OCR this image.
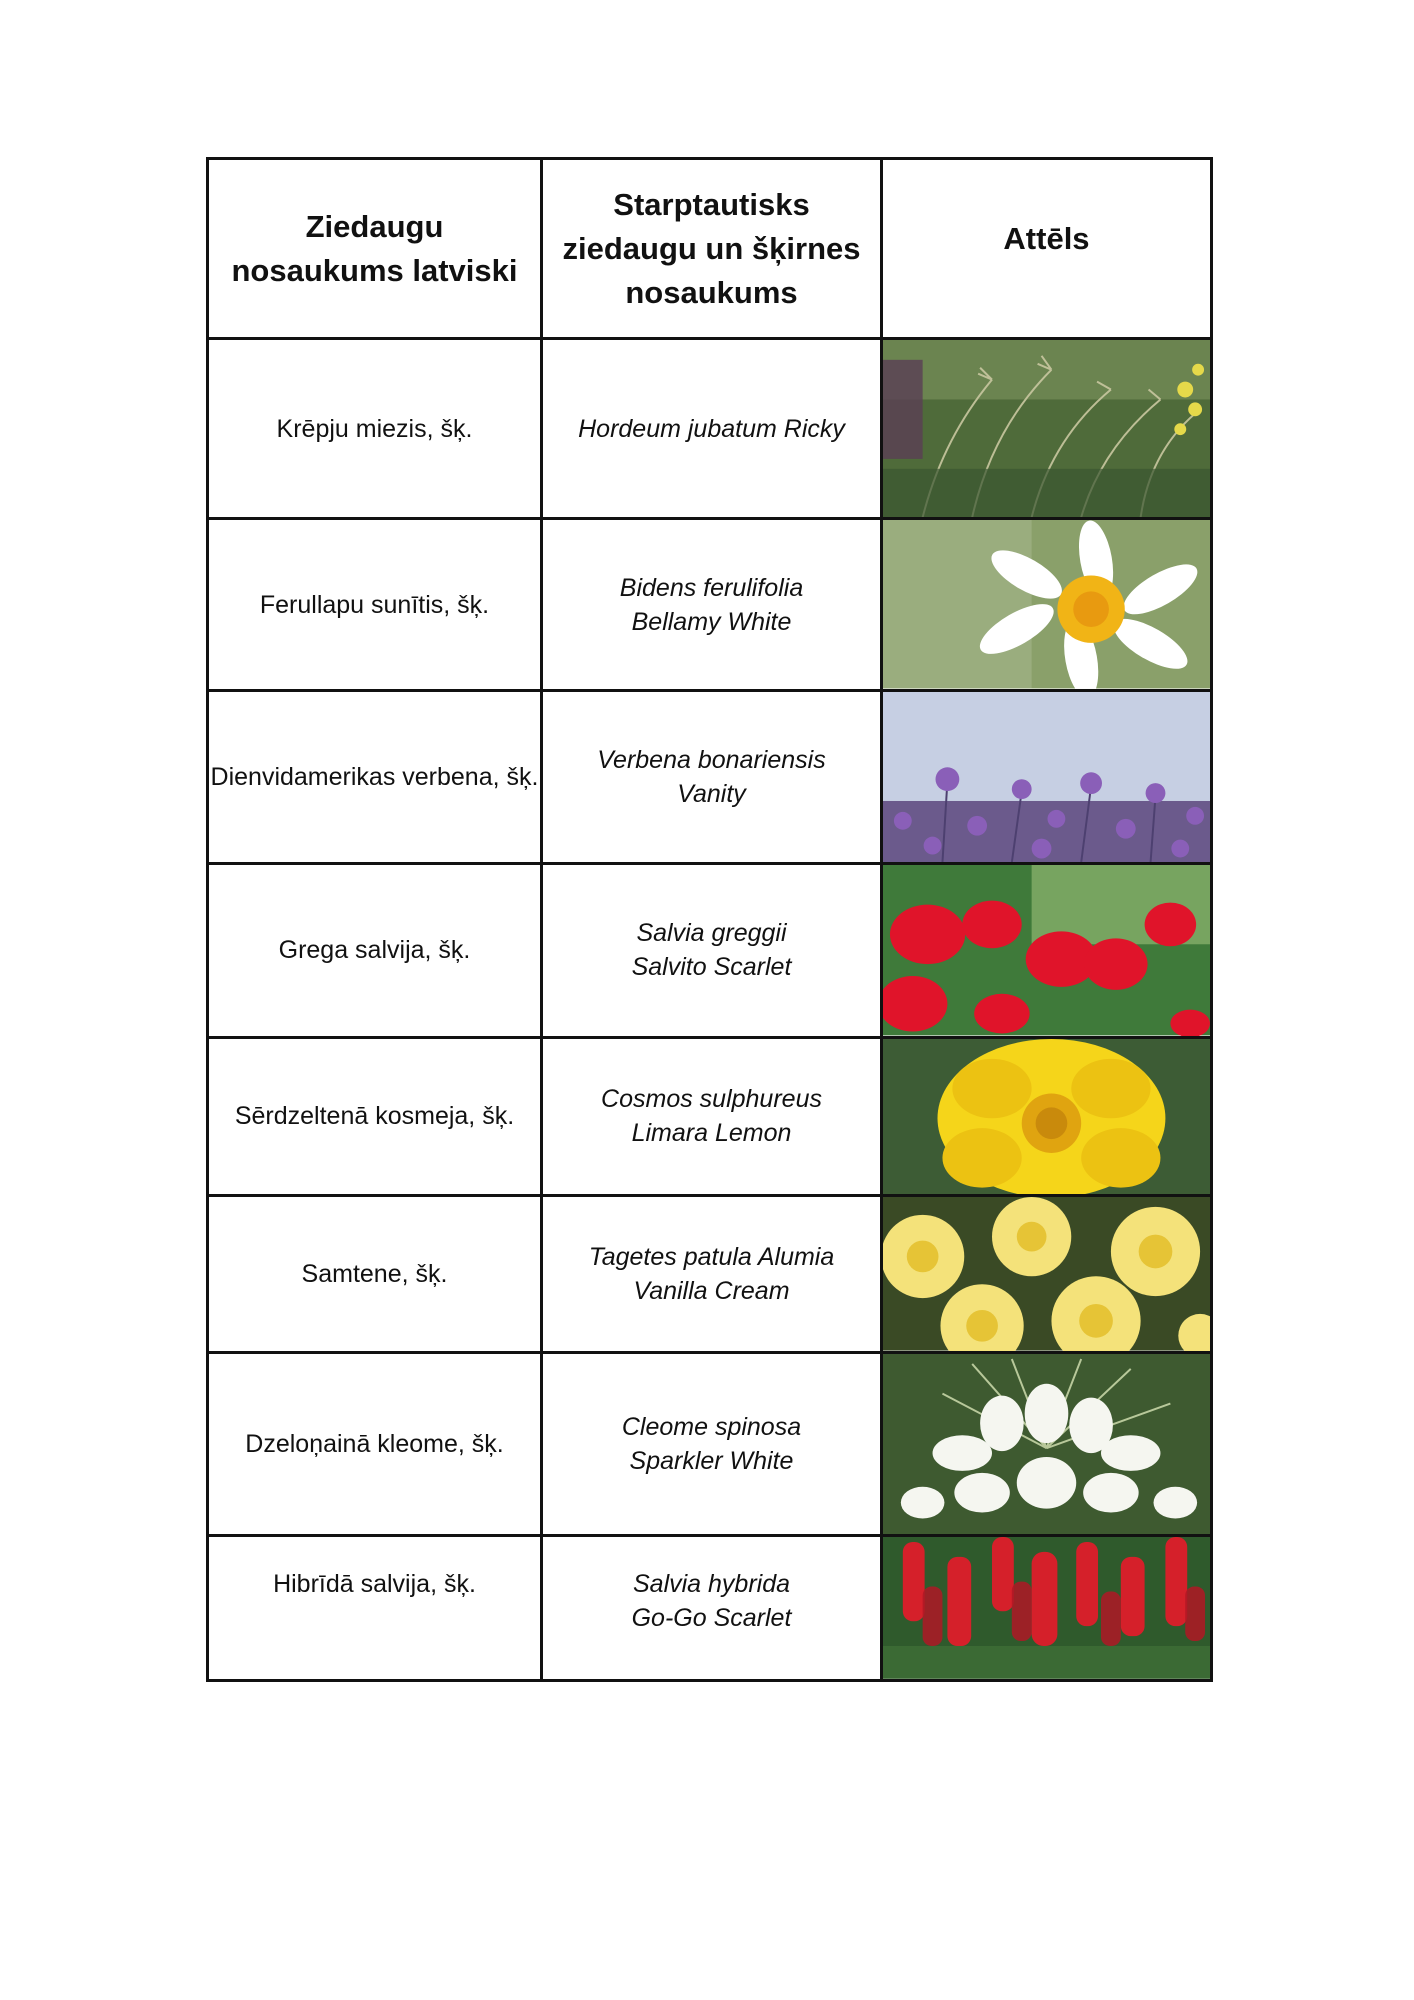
Ziedaugu nosaukums latviski	Starptautisks ziedaugu un šķirnes nosaukums	Attēls

Krēpju miezis, šķ.	Hordeum jubatum Ricky

Ferullapu sunītis, šķ.	Bidens ferulifolia
Bellamy White

Dienvidamerikas verbena, šķ.	Verbena bonariensis
Vanity

Grega salvija, šķ.	Salvia greggii
Salvito Scarlet

Sērdzeltenā kosmeja, šķ.	Cosmos sulphureus
Limara Lemon

Samtene, šķ.	Tagetes patula Alumia
Vanilla Cream

Dzeloņainā kleome, šķ.	Cleome spinosa
Sparkler White

Hibrīdā salvija, šķ.	Salvia hybrida
Go-Go Scarlet
